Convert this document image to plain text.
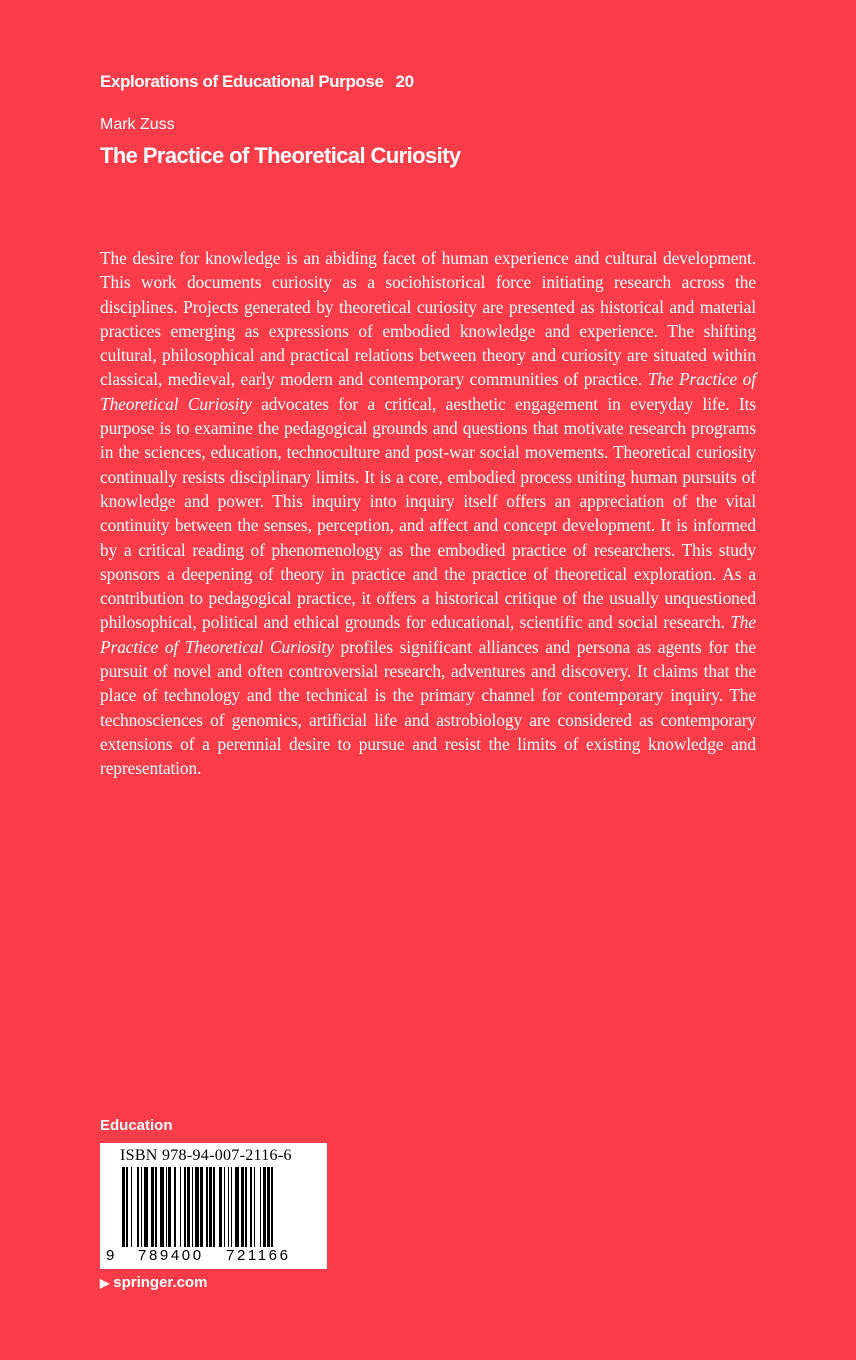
Explorations of Educational Purpose 20
Mark Zuss
The Practice of Theoretical Curiosity

The desire for knowledge is an abiding facet of human experience and cultural development. This work documents curiosity as a sociohistorical force initiating research across the disciplines. Projects generated by theoretical curiosity are presented as historical and material practices emerging as expressions of embodied knowledge and experience. The shifting cultural, philosophical and practical relations between theory and curiosity are situated within classical, medieval, early modern and contemporary communities of practice. The Practice of Theoretical Curiosity advocates for a critical, aesthetic engagement in everyday life. Its purpose is to examine the pedagogical grounds and questions that motivate research programs in the sciences, education, technoculture and post-war social movements. Theoretical curiosity continually resists disciplinary limits. It is a core, embodied process uniting human pursuits of knowledge and power. This inquiry into inquiry itself offers an appreciation of the vital continuity between the senses, perception, and affect and concept development. It is informed by a critical reading of phenomenology as the embodied practice of researchers. This study sponsors a deepening of theory in practice and the practice of theoretical exploration. As a contribution to pedagogical practice, it offers a historical critique of the usually unquestioned philosophical, political and ethical grounds for educational, scientific and social research. The Practice of Theoretical Curiosity profiles significant alliances and persona as agents for the pursuit of novel and often controversial research, adventures and discovery. It claims that the place of technology and the technical is the primary channel for contemporary inquiry. The technosciences of genomics, artificial life and astrobiology are considered as contemporary extensions of a perennial desire to pursue and resist the limits of existing knowledge and representation.

Education
ISBN 978-94-007-2116-6
9 789400 721166
▶ springer.com
